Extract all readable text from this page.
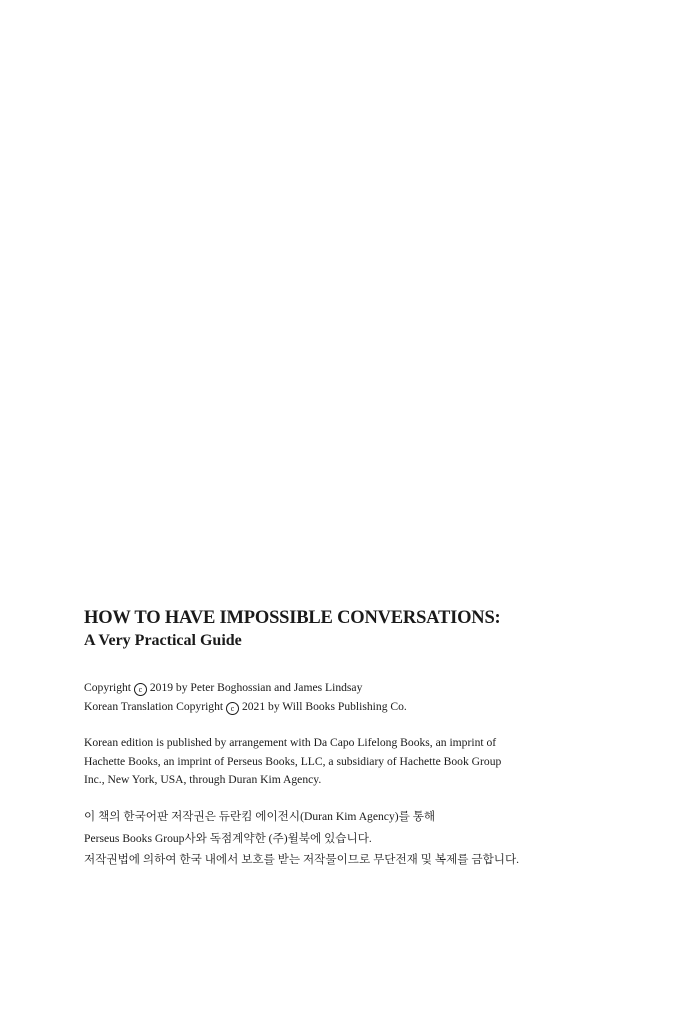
HOW TO HAVE IMPOSSIBLE CONVERSATIONS:
A Very Practical Guide
Copyright c 2019 by Peter Boghossian and James Lindsay
Korean Translation Copyright c 2021 by Will Books Publishing Co.
Korean edition is published by arrangement with Da Capo Lifelong Books, an imprint of
Hachette Books, an imprint of Perseus Books, LLC, a subsidiary of Hachette Book Group
Inc., New York, USA, through Duran Kim Agency.
이 책의 한국어판 저작권은 듀란킴 에이전시(Duran Kim Agency)를 통해
Perseus Books Group사와 독점계약한 (주)윌북에 있습니다.
저작권법에 의하여 한국 내에서 보호를 받는 저작물이므로 무단전재 및 복제를 금합니다.
